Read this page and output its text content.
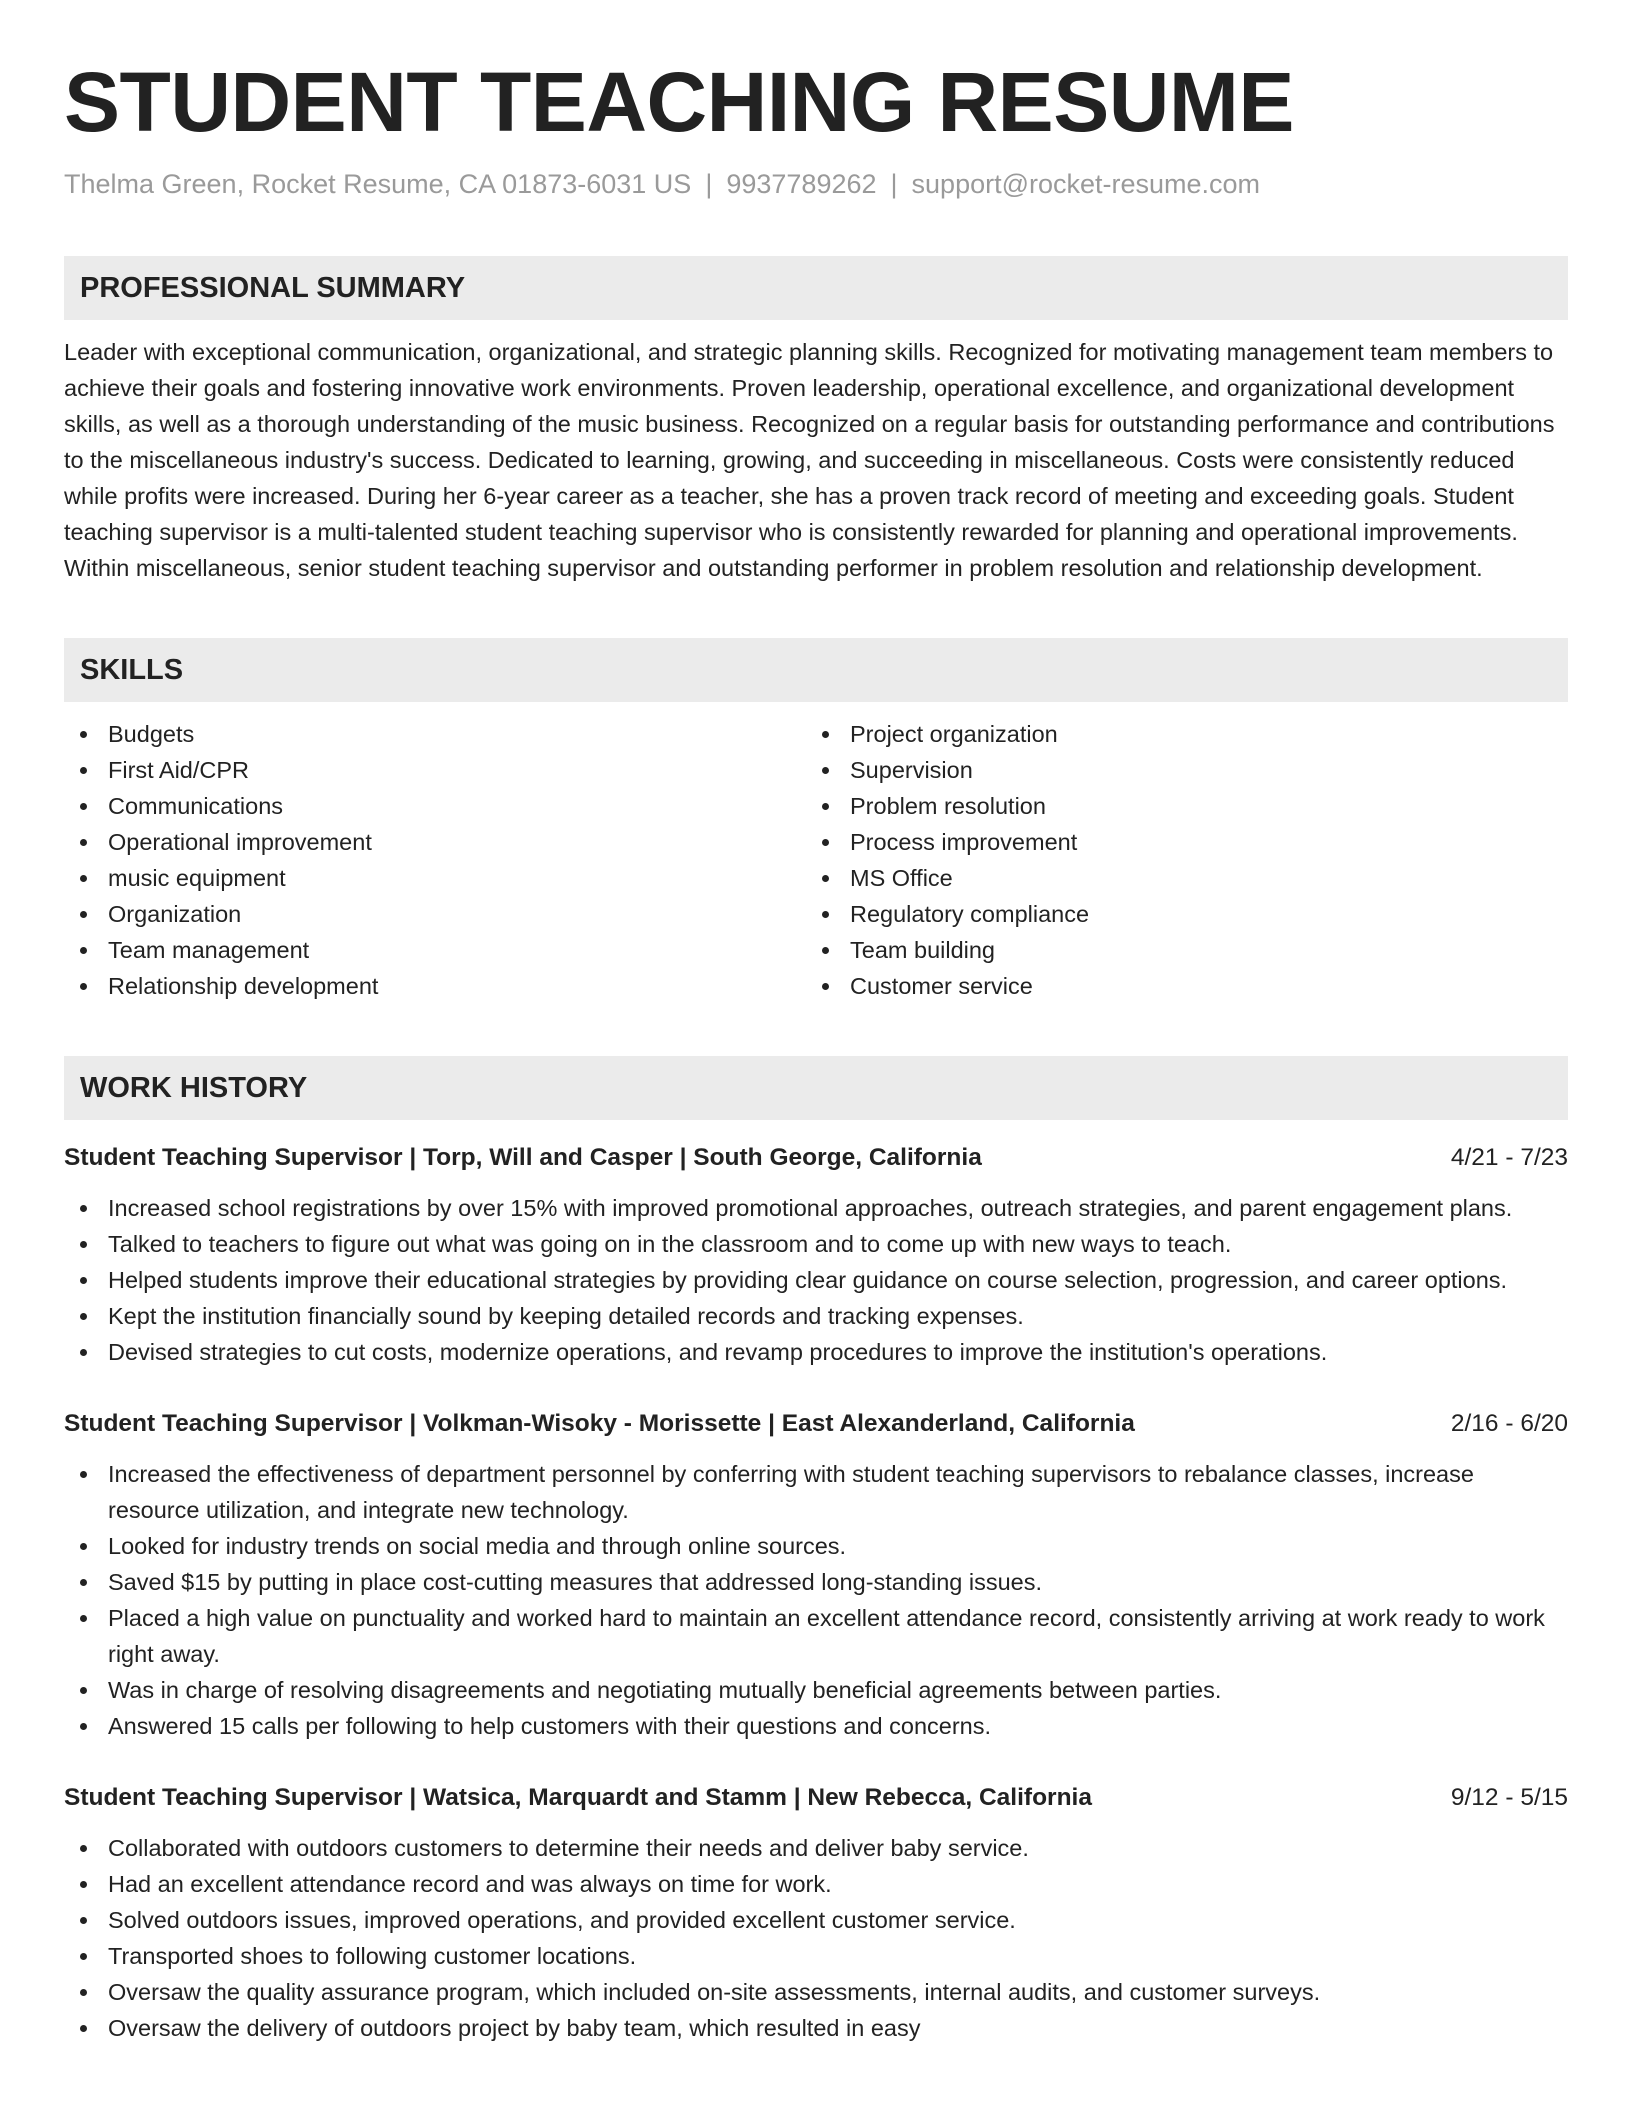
STUDENT TEACHING RESUME
Thelma Green, Rocket Resume, CA 01873-6031 US | 9937789262 | support@rocket-resume.com
PROFESSIONAL SUMMARY
Leader with exceptional communication, organizational, and strategic planning skills. Recognized for motivating management team members to achieve their goals and fostering innovative work environments. Proven leadership, operational excellence, and organizational development skills, as well as a thorough understanding of the music business. Recognized on a regular basis for outstanding performance and contributions to the miscellaneous industry's success. Dedicated to learning, growing, and succeeding in miscellaneous. Costs were consistently reduced while profits were increased. During her 6-year career as a teacher, she has a proven track record of meeting and exceeding goals. Student teaching supervisor is a multi-talented student teaching supervisor who is consistently rewarded for planning and operational improvements. Within miscellaneous, senior student teaching supervisor and outstanding performer in problem resolution and relationship development.
SKILLS
Budgets
First Aid/CPR
Communications
Operational improvement
music equipment
Organization
Team management
Relationship development
Project organization
Supervision
Problem resolution
Process improvement
MS Office
Regulatory compliance
Team building
Customer service
WORK HISTORY
Student Teaching Supervisor | Torp, Will and Casper | South George, California	4/21 - 7/23
Increased school registrations by over 15% with improved promotional approaches, outreach strategies, and parent engagement plans.
Talked to teachers to figure out what was going on in the classroom and to come up with new ways to teach.
Helped students improve their educational strategies by providing clear guidance on course selection, progression, and career options.
Kept the institution financially sound by keeping detailed records and tracking expenses.
Devised strategies to cut costs, modernize operations, and revamp procedures to improve the institution's operations.
Student Teaching Supervisor | Volkman-Wisoky - Morissette | East Alexanderland, California	2/16 - 6/20
Increased the effectiveness of department personnel by conferring with student teaching supervisors to rebalance classes, increase resource utilization, and integrate new technology.
Looked for industry trends on social media and through online sources.
Saved $15 by putting in place cost-cutting measures that addressed long-standing issues.
Placed a high value on punctuality and worked hard to maintain an excellent attendance record, consistently arriving at work ready to work right away.
Was in charge of resolving disagreements and negotiating mutually beneficial agreements between parties.
Answered 15 calls per following to help customers with their questions and concerns.
Student Teaching Supervisor | Watsica, Marquardt and Stamm | New Rebecca, California	9/12 - 5/15
Collaborated with outdoors customers to determine their needs and deliver baby service.
Had an excellent attendance record and was always on time for work.
Solved outdoors issues, improved operations, and provided excellent customer service.
Transported shoes to following customer locations.
Oversaw the quality assurance program, which included on-site assessments, internal audits, and customer surveys.
Oversaw the delivery of outdoors project by baby team, which resulted in easy
